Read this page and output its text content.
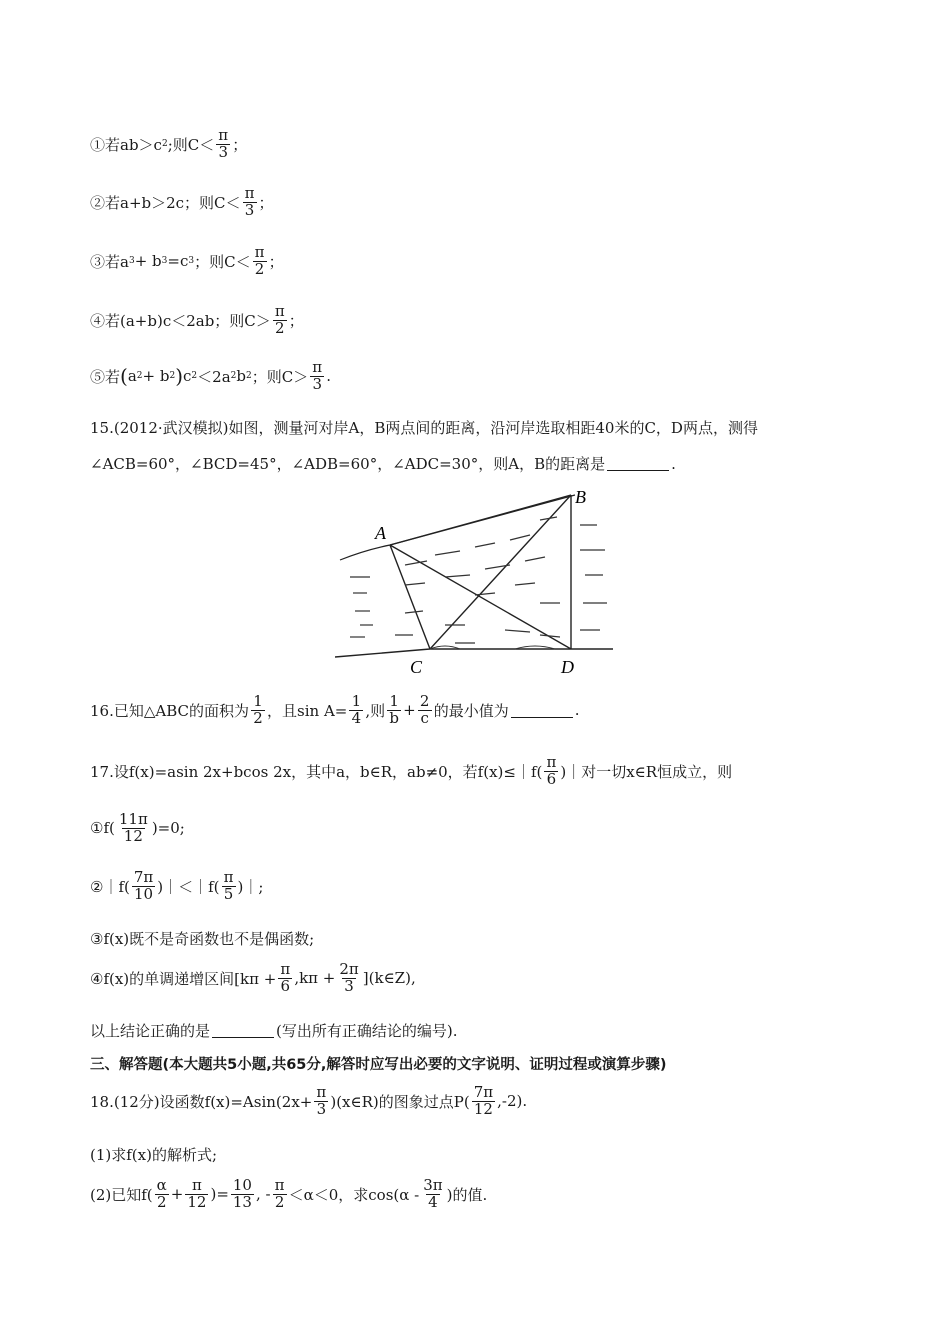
①若ab＞c 2 ;则$C< \frac{\pi}{3}$ ；
②若a+b＞2c；则$C< \frac{\pi}{3}$ ；
③若a 3 + b 3 =c 3 ；则$C< \frac{\pi}{2}$ ；
④若(a+b)c＜2ab；则$C> \frac{\pi}{2}$ ；
⑤若 ( a 2 + b 2 ) c 2 ＜2a 2 b 2 ；则$C> \frac{\pi}{3}$ .
15.(2012·武汉模拟)如图，测量河对岸A，B两点间的距离，沿河岸选取相距40米的C，D两点，测得
∠ACB=60°，∠BCD=45°，∠ADB=60°，∠ADC=30°，则A，B的距离是	.
A
B
C	D
16.已知△ABC的面积为 $\frac{1}{2}$ ，且$\sin A= \frac{1}{4}$ ,则 $\frac{1}{b} + \frac{2}{c}$ 的最小值为	.
17.设f(x)=asin 2x+bcos 2x，其中a，b∈R，ab≠0，若f(x)≤｜f( $\frac{\pi}{6}$ )｜对一切x∈R恒成立，则
①f( $\frac{11\pi}{12} )=0$;
②｜f( $\frac{7\pi}{10}$ )｜＜｜f( $\frac{\pi}{5}$ )｜;
③f(x)既不是奇函数也不是偶函数;
④f(x)的单调递增区间[$k\pi + \frac{\pi}{6} ,k\pi + \frac{2\pi}{3}$ ](k∈Z),
以上结论正确的是	(写出所有正确结论的编号).
三、解答题(本大题共5小题,共65分,解答时应写出必要的文字说明、证明过程或演算步骤)
18.(12分)设函数$f(x)=Asin(2x+ \frac{\pi}{3}$ )(x∈R)的图象过点$P( \frac{7\pi}{12} ,-2)$.
(1)求f(x)的解析式;
(2)已知$f( \frac{\alpha}{2} + \frac{\pi}{12}$ )= $\frac{10}{13}$ , - $\frac{\pi}{2} <\alpha<0$，求$\cos(\alpha - \frac{3\pi}{4}$ )的值.
